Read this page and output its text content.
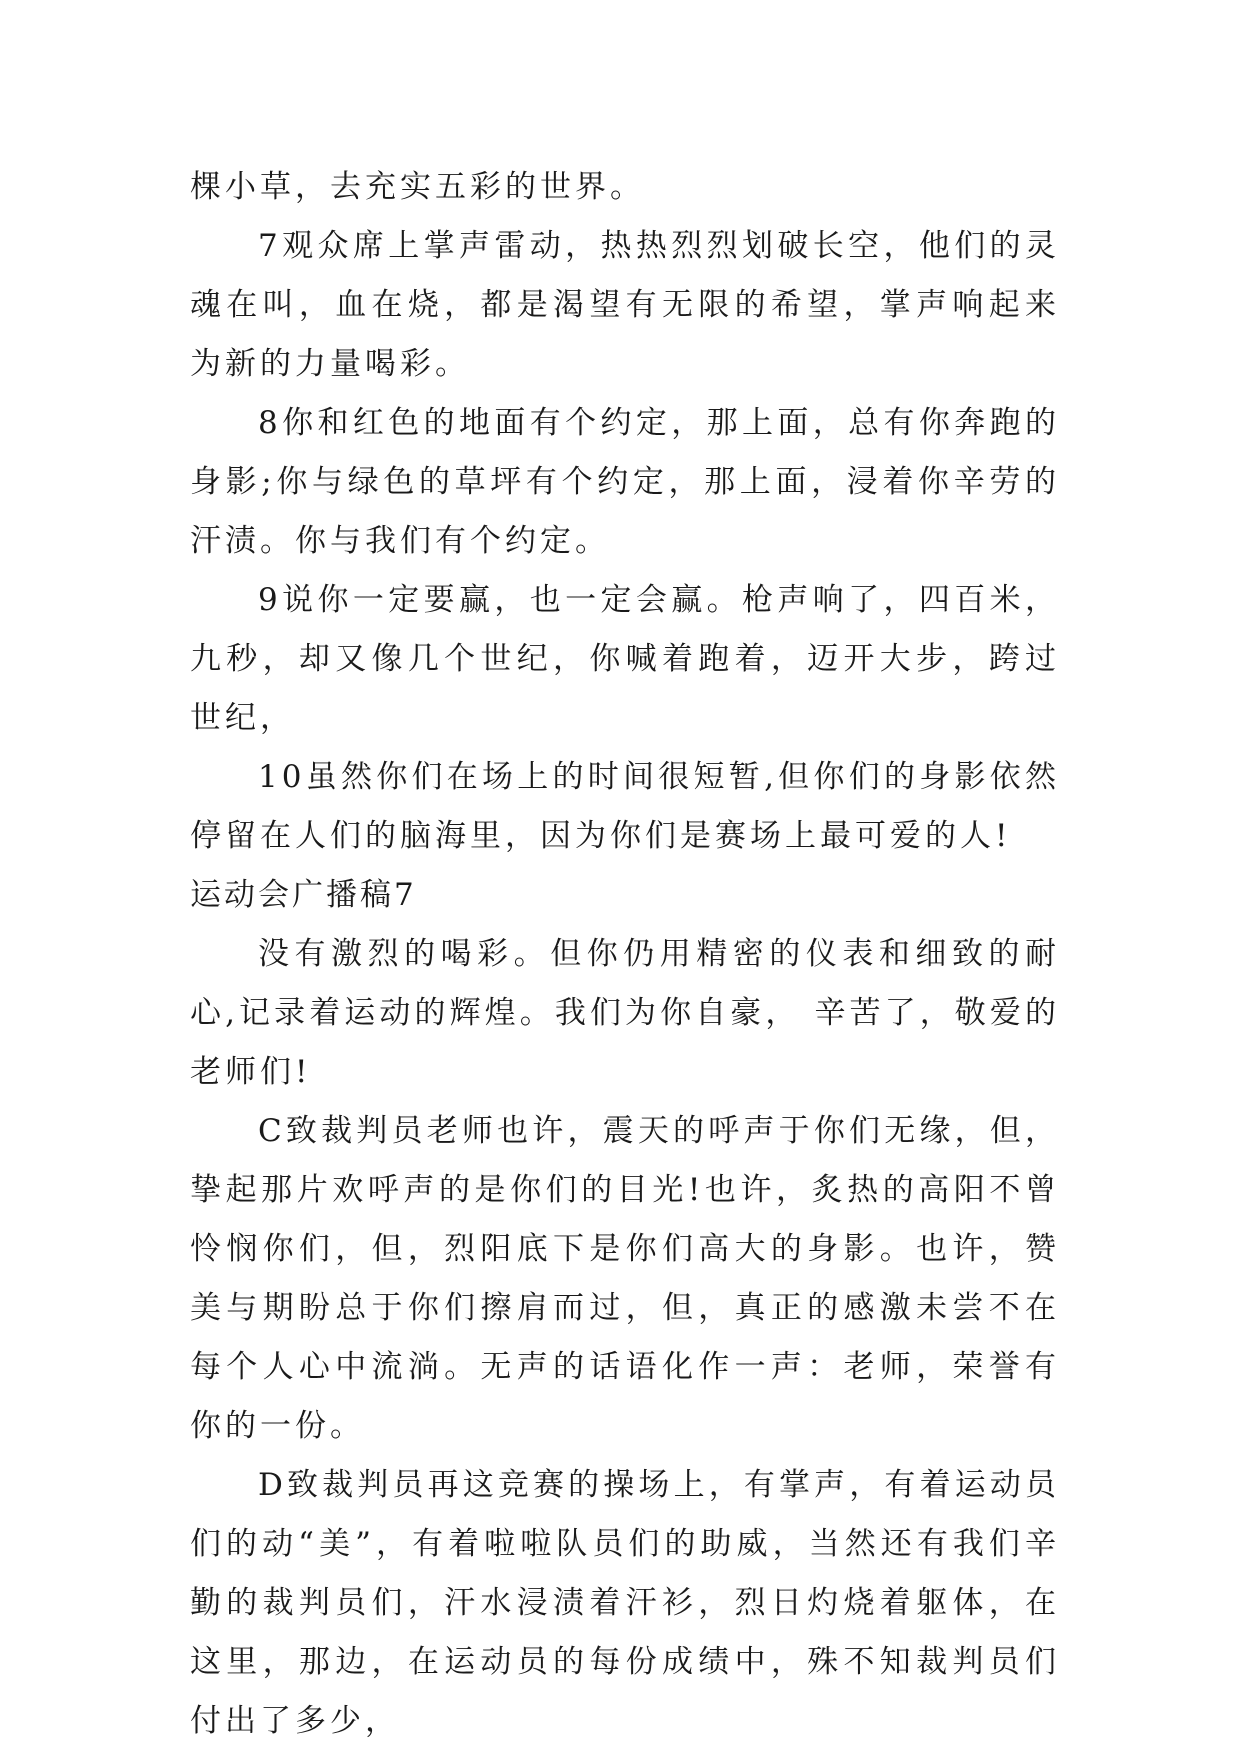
棵小草，去充实五彩的世界。

7观众席上掌声雷动，热热烈烈划破长空，他们的灵魂在叫，血在烧，都是渴望有无限的希望，掌声响起来为新的力量喝彩。

8你和红色的地面有个约定，那上面，总有你奔跑的身影;你与绿色的草坪有个约定，那上面，浸着你辛劳的汗渍。你与我们有个约定。

9说你一定要赢，也一定会赢。枪声响了，四百米，九秒，却又像几个世纪，你喊着跑着，迈开大步，跨过世纪，

10虽然你们在场上的时间很短暂,但你们的身影依然停留在人们的脑海里，因为你们是赛场上最可爱的人!

运动会广播稿7

没有激烈的喝彩。但你仍用精密的仪表和细致的耐心,记录着运动的辉煌。我们为你自豪， 辛苦了，敬爱的老师们!

C致裁判员老师也许，震天的呼声于你们无缘，但，挚起那片欢呼声的是你们的目光!也许，炙热的高阳不曾怜悯你们，但，烈阳底下是你们高大的身影。也许，赞美与期盼总于你们擦肩而过，但，真正的感激未尝不在每个人心中流淌。无声的话语化作一声：老师，荣誉有你的一份。

D致裁判员再这竞赛的操场上，有掌声，有着运动员们的动“美”，有着啦啦队员们的助威，当然还有我们辛勤的裁判员们，汗水浸渍着汗衫，烈日灼烧着躯体，在这里，那边，在运动员的每份成绩中，殊不知裁判员们付出了多少，
